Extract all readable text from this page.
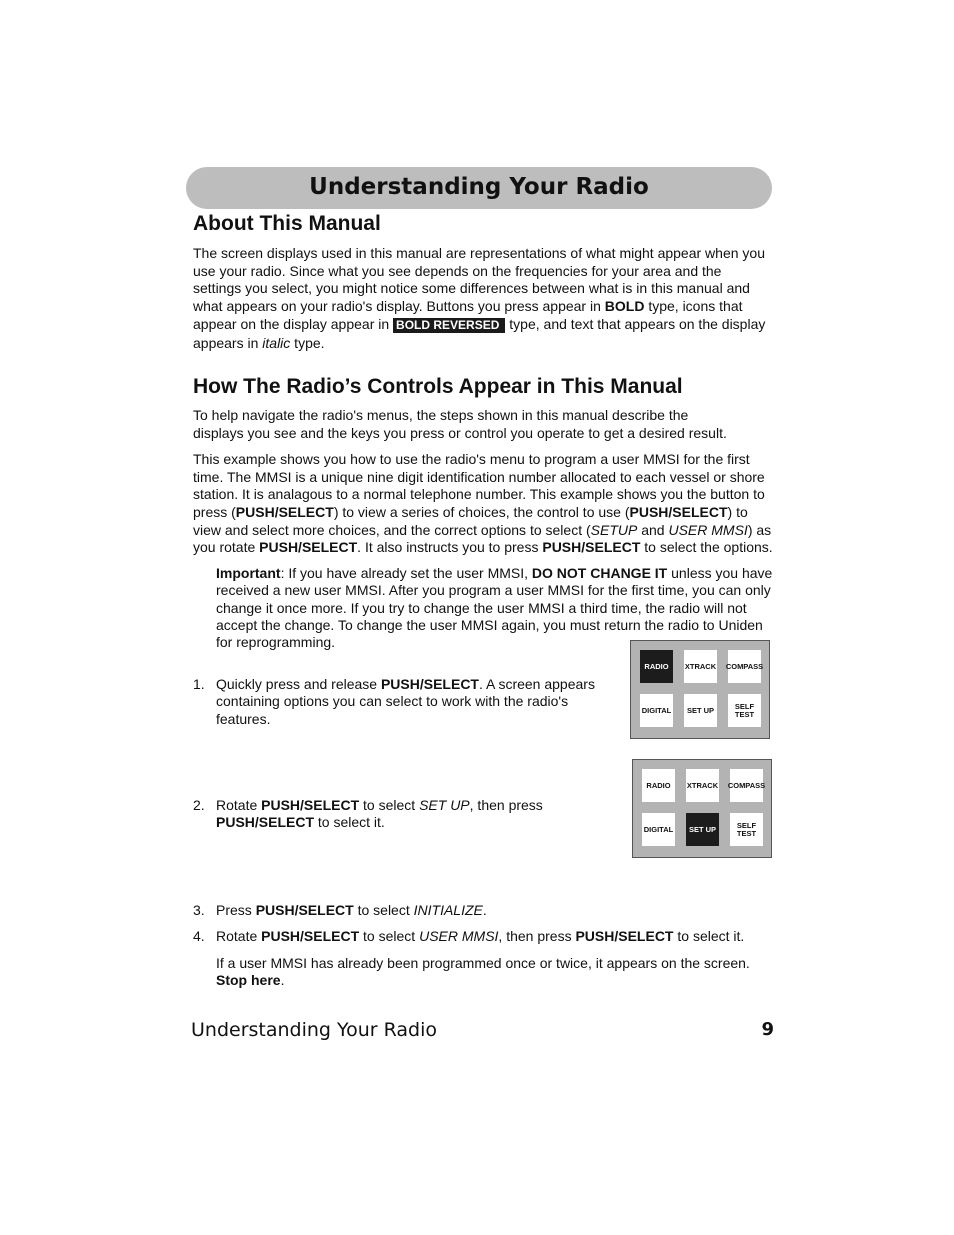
Understanding Your Radio
About This Manual

The screen displays used in this manual are representations of what might appear when you use your radio. Since what you see depends on the frequencies for your area and the settings you select, you might notice some differences between what is in this manual and what appears on your radio's display. Buttons you press appear in BOLD type, icons that appear on the display appear in BOLD REVERSED type, and text that appears on the display appears in italic type.

How The Radio’s Controls Appear in This Manual

To help navigate the radio's menus, the steps shown in this manual describe the displays you see and the keys you press or control you operate to get a desired result.

This example shows you how to use the radio's menu to program a user MMSI for the first time. The MMSI is a unique nine digit identification number allocated to each vessel or shore station. It is analagous to a normal telephone number. This example shows you the button to press (PUSH/SELECT) to view a series of choices, the control to use (PUSH/SELECT) to view and select more choices, and the correct options to select (SETUP and USER MMSI) as you rotate PUSH/SELECT. It also instructs you to press PUSH/SELECT to select the options.

Important: If you have already set the user MMSI, DO NOT CHANGE IT unless you have received a new user MMSI. After you program a user MMSI for the first time, you can only change it once more. If you try to change the user MMSI a third time, the radio will not accept the change. To change the user MMSI again, you must return the radio to Uniden for reprogramming.

1. Quickly press and release PUSH/SELECT. A screen appears containing options you can select to work with the radio's features.
2. Rotate PUSH/SELECT to select SET UP, then press PUSH/SELECT to select it.
3. Press PUSH/SELECT to select INITIALIZE.
4. Rotate PUSH/SELECT to select USER MMSI, then press PUSH/SELECT to select it.

If a user MMSI has already been programmed once or twice, it appears on the screen. Stop here.

RADIO	XTRACK COMPASS
DIGITAL	SET UP	SELF TEST
RADIO	XTRACK COMPASS
DIGITAL	SET UP	SELF TEST
Understanding Your Radio	9
